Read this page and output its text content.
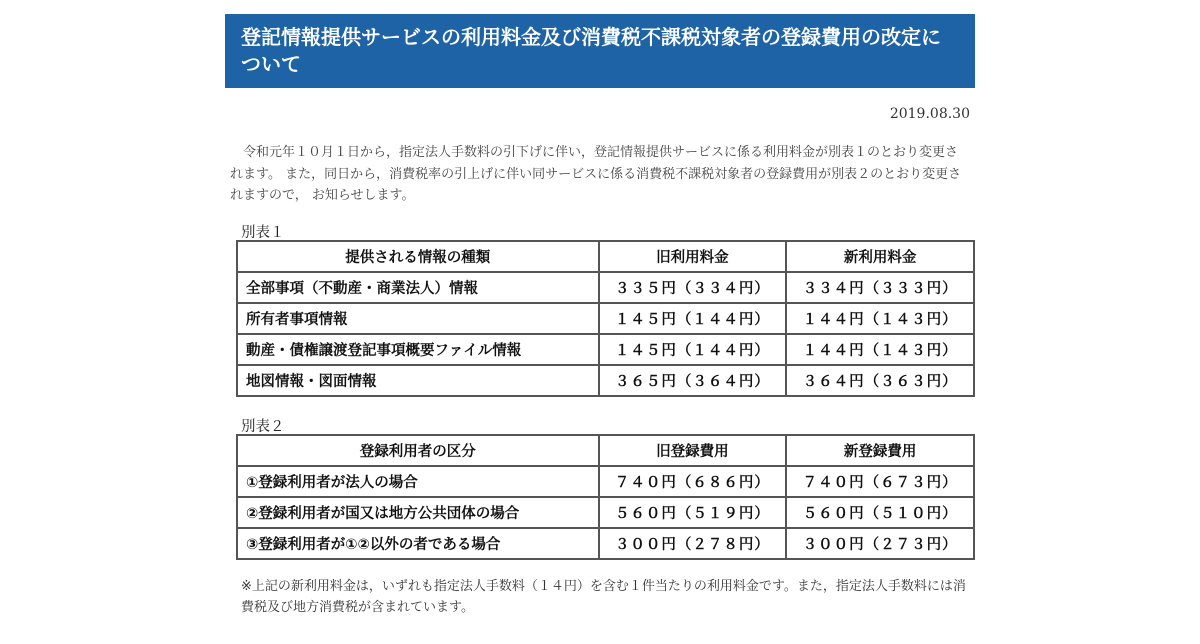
登記情報提供サービスの利用料金及び消費税不課税対象者の登録費用の改定について
2019.08.30
令和元年１０月１日から，指定法人手数料の引下げに伴い，登記情報提供サービスに係る利用料金が別表１のとおり変更されます。 また，同日から，消費税率の引上げに伴い同サービスに係る消費税不課税対象者の登録費用が別表２のとおり変更されますので， お知らせします。
別表１
提供される情報の種類	旧利用料金	新利用料金
全部事項（不動産・商業法人）情報	３３５円（３３４円）	３３４円（３３３円）
所有者事項情報	１４５円（１４４円）	１４４円（１４３円）
動産・債権譲渡登記事項概要ファイル情報	１４５円（１４４円）	１４４円（１４３円）
地図情報・図面情報	３６５円（３６４円）	３６４円（３６３円）
別表２
登録利用者の区分	旧登録費用	新登録費用
①登録利用者が法人の場合	７４０円（６８６円）	７４０円（６７３円）
②登録利用者が国又は地方公共団体の場合	５６０円（５１９円）	５６０円（５１０円）
③登録利用者が①②以外の者である場合	３００円（２７８円）	３００円（２７３円）
※上記の新利用料金は，いずれも指定法人手数料（１４円）を含む１件当たりの利用料金です。また，指定法人手数料には消費税及び地方消費税が含まれています。
